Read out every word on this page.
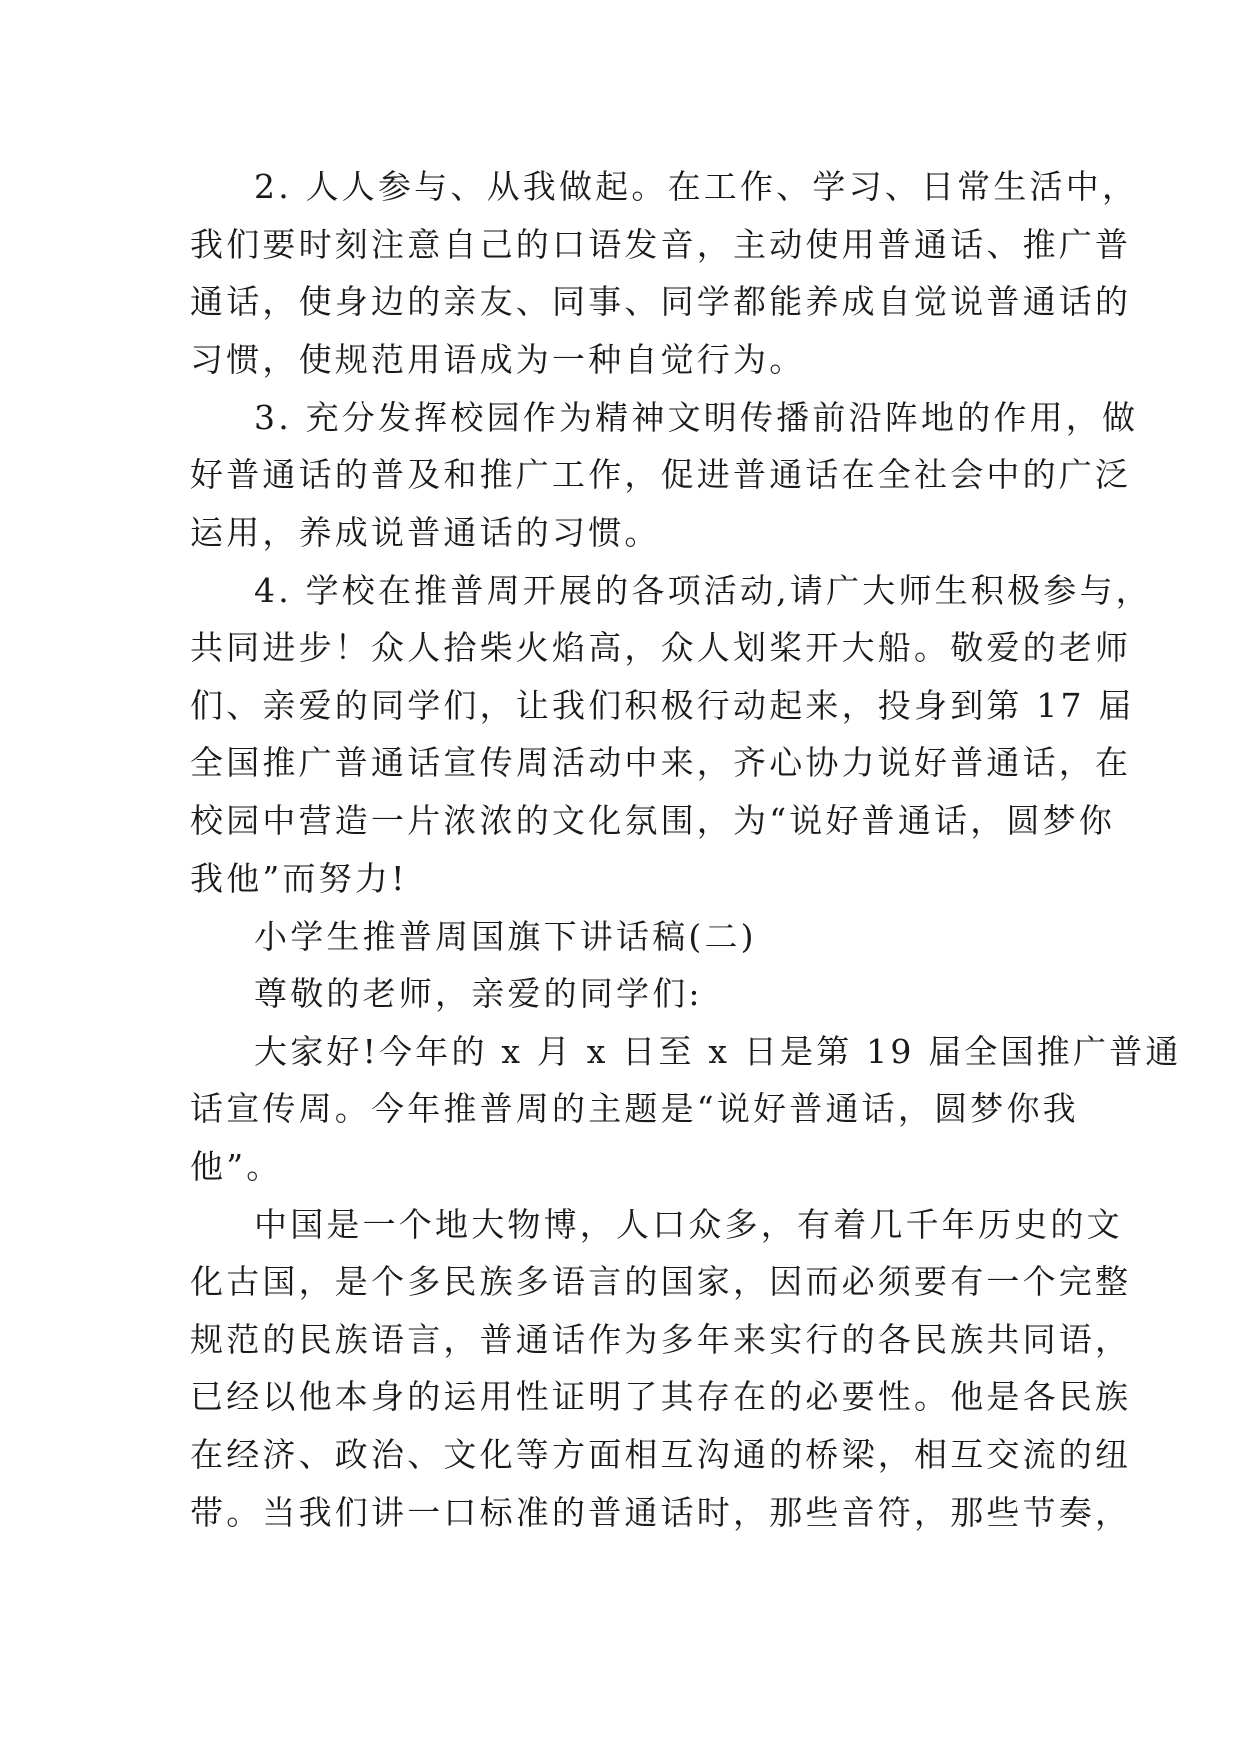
2. 人人参与、从我做起。在工作、学习、日常生活中，

我们要时刻注意自己的口语发音，主动使用普通话、推广普

通话，使身边的亲友、同事、同学都能养成自觉说普通话的

习惯，使规范用语成为一种自觉行为。

3. 充分发挥校园作为精神文明传播前沿阵地的作用，做

好普通话的普及和推广工作，促进普通话在全社会中的广泛

运用，养成说普通话的习惯。

4. 学校在推普周开展的各项活动,请广大师生积极参与，

共同进步！众人拾柴火焰高，众人划桨开大船。敬爱的老师

们、亲爱的同学们，让我们积极行动起来，投身到第 17 届

全国推广普通话宣传周活动中来，齐心协力说好普通话，在

校园中营造一片浓浓的文化氛围，为“说好普通话，圆梦你

我他”而努力!

小学生推普周国旗下讲话稿(二)

尊敬的老师，亲爱的同学们:

大家好!今年的 x 月 x 日至 x 日是第 19 届全国推广普通

话宣传周。今年推普周的主题是“说好普通话，圆梦你我

他”。

中国是一个地大物博，人口众多，有着几千年历史的文

化古国，是个多民族多语言的国家，因而必须要有一个完整

规范的民族语言，普通话作为多年来实行的各民族共同语，

已经以他本身的运用性证明了其存在的必要性。他是各民族

在经济、政治、文化等方面相互沟通的桥梁，相互交流的纽

带。当我们讲一口标准的普通话时，那些音符，那些节奏，
